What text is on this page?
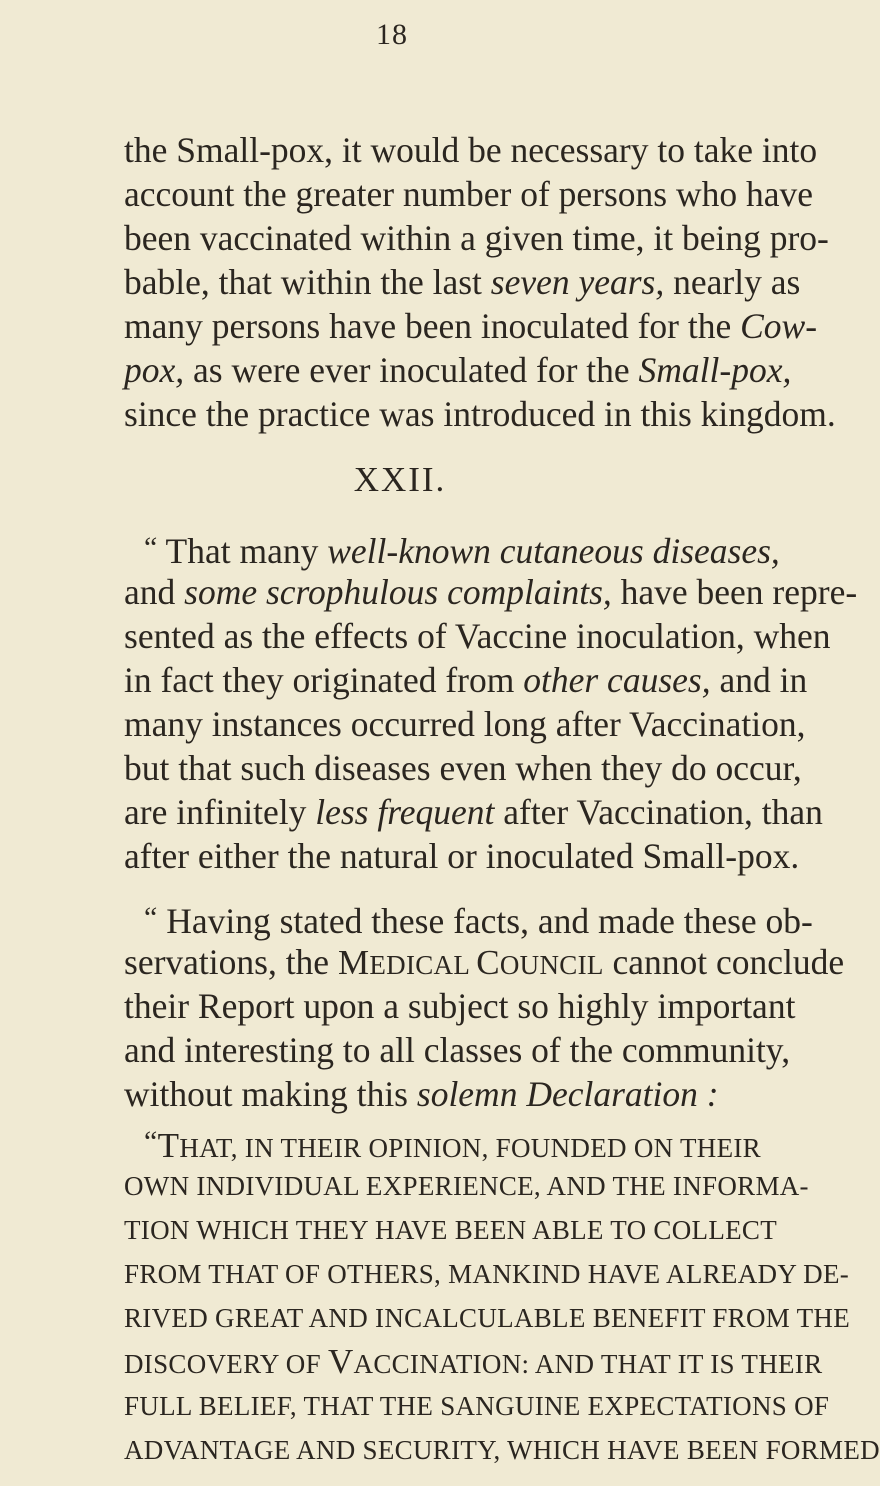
18
the Small-pox, it would be necessary to take into
account the greater number of persons who have
been vaccinated within a given time, it being pro-
bable, that within the last seven years, nearly as
many persons have been inoculated for the Cow-
pox, as were ever inoculated for the Small-pox,
since the practice was introduced in this kingdom.
XXII.
“ That many well-known cutaneous diseases,
and some scrophulous complaints, have been repre-
sented as the effects of Vaccine inoculation, when
in fact they originated from other causes, and in
many instances occurred long after Vaccination,
but that such diseases even when they do occur,
are infinitely less frequent after Vaccination, than
after either the natural or inoculated Small-pox.
“ Having stated these facts, and made these ob-
servations, the MEDICAL COUNCIL cannot conclude
their Report upon a subject so highly important
and interesting to all classes of the community,
without making this solemn Declaration :
“THAT, IN THEIR OPINION, FOUNDED ON THEIR
OWN INDIVIDUAL EXPERIENCE, AND THE INFORMA-
TION WHICH THEY HAVE BEEN ABLE TO COLLECT
FROM THAT OF OTHERS, MANKIND HAVE ALREADY DE-
RIVED GREAT AND INCALCULABLE BENEFIT FROM THE
DISCOVERY OF VACCINATION: AND THAT IT IS THEIR
FULL BELIEF, THAT THE SANGUINE EXPECTATIONS OF
ADVANTAGE AND SECURITY, WHICH HAVE BEEN FORMED
